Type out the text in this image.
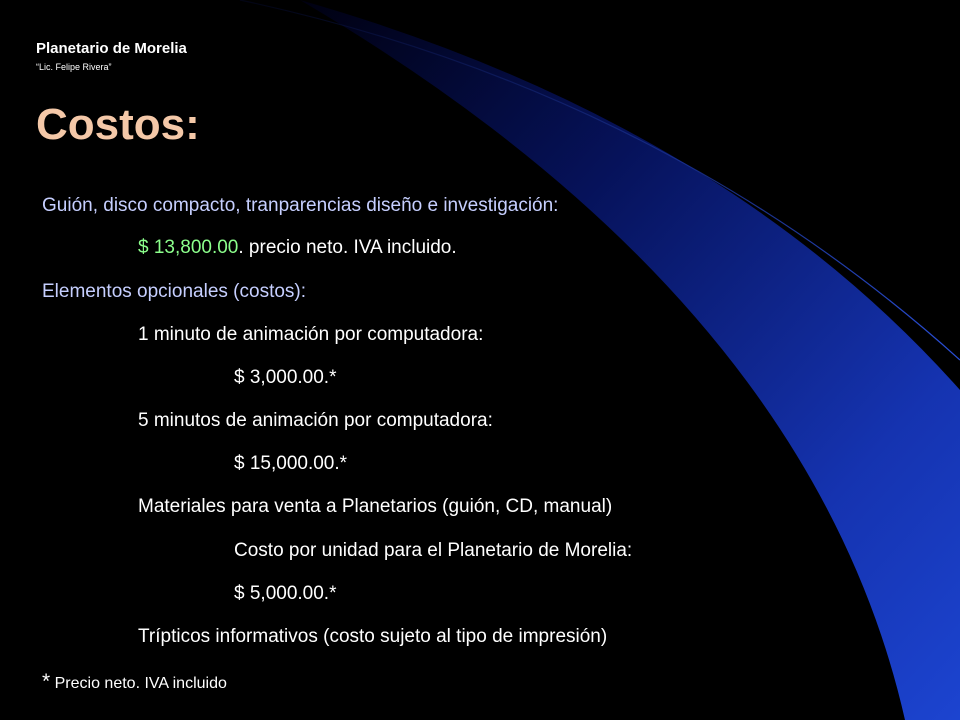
Planetario de Morelia
“Lic. Felipe Rivera”
Costos:
Guión, disco compacto, tranparencias diseño e investigación:
$ 13,800.00. precio neto. IVA incluido.
Elementos opcionales (costos):
1 minuto de animación por computadora:
$ 3,000.00.*
5 minutos de animación por computadora:
$ 15,000.00.*
Materiales para venta a Planetarios (guión, CD, manual)
Costo por unidad para el Planetario de Morelia:
$ 5,000.00.*
Trípticos informativos (costo sujeto al tipo de impresión)
* Precio neto. IVA incluido
